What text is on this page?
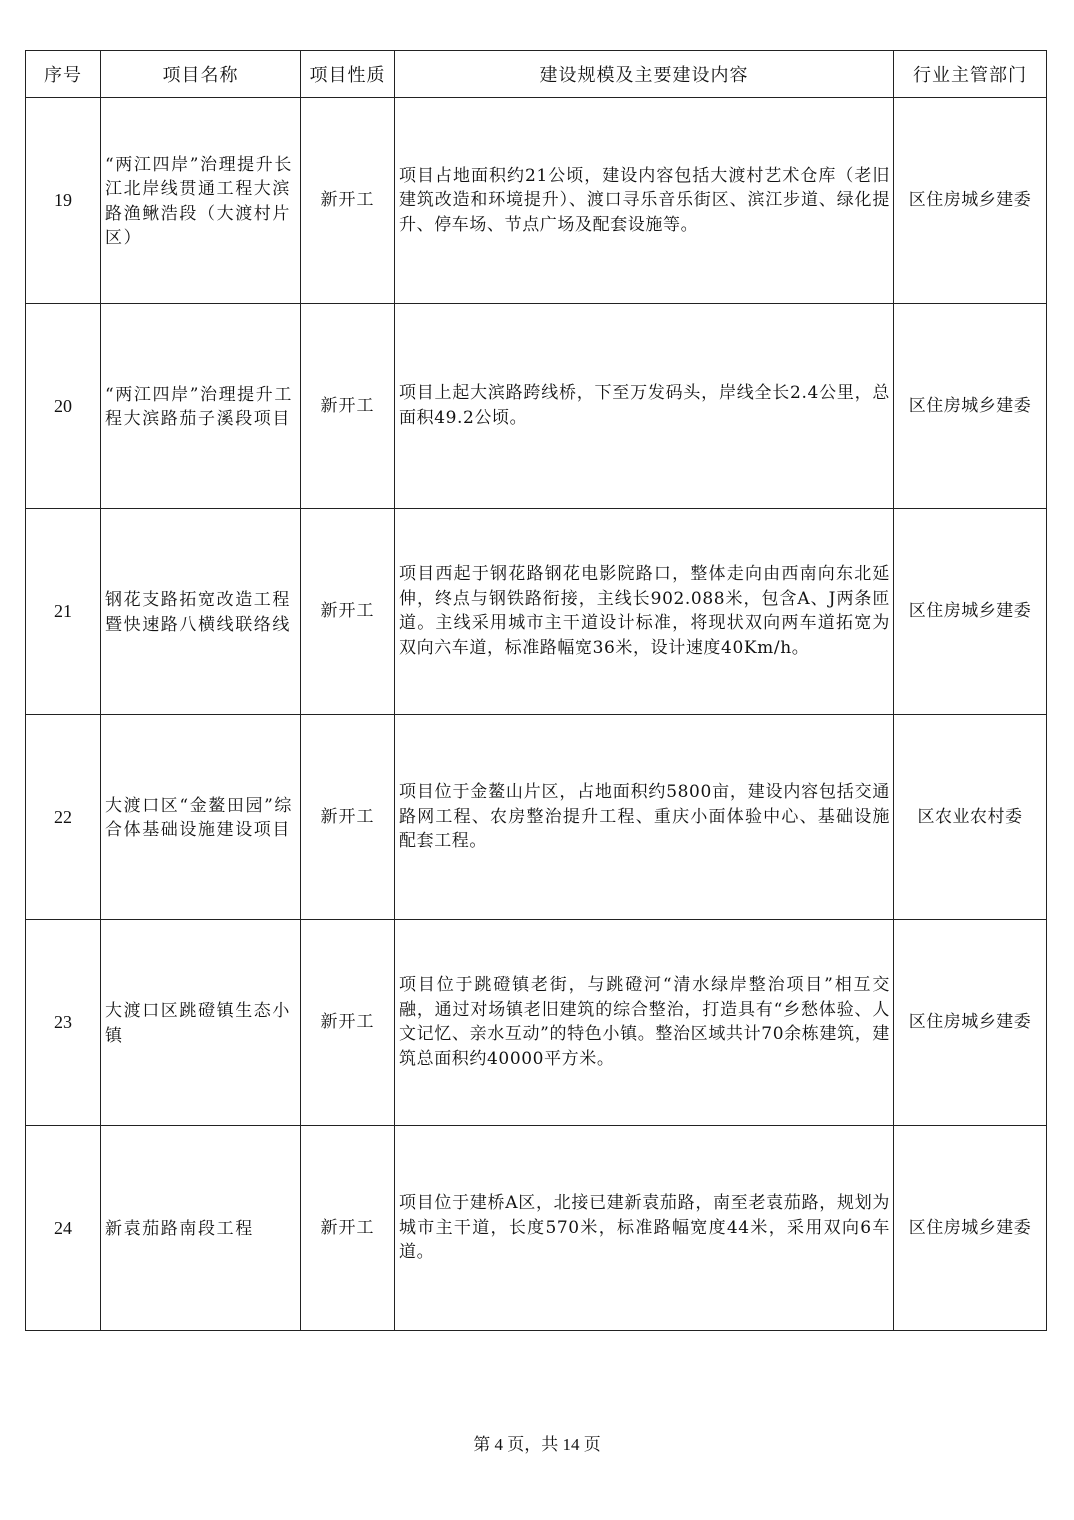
序号	项目名称	项目性质	建设规模及主要建设内容	行业主管部门
19	“两江四岸”治理提升长江北岸线贯通工程大滨路渔鳅浩段（大渡村片区）	新开工	项目占地面积约21公顷，建设内容包括大渡村艺术仓库（老旧建筑改造和环境提升）、渡口寻乐音乐街区、滨江步道、绿化提升、停车场、节点广场及配套设施等。	区住房城乡建委
20	“两江四岸”治理提升工程大滨路茄子溪段项目	新开工	项目上起大滨路跨线桥，下至万发码头，岸线全长2.4公里，总面积49.2公顷。	区住房城乡建委
21	钢花支路拓宽改造工程暨快速路八横线联络线	新开工	项目西起于钢花路钢花电影院路口，整体走向由西南向东北延伸，终点与钢铁路衔接，主线长902.088米，包含A、J两条匝道。主线采用城市主干道设计标准，将现状双向两车道拓宽为双向六车道，标准路幅宽36米，设计速度40Km/h。	区住房城乡建委
22	大渡口区“金鳌田园”综合体基础设施建设项目	新开工	项目位于金鳌山片区，占地面积约5800亩，建设内容包括交通路网工程、农房整治提升工程、重庆小面体验中心、基础设施配套工程。	区农业农村委
23	大渡口区跳磴镇生态小镇	新开工	项目位于跳磴镇老街，与跳磴河“清水绿岸整治项目”相互交融，通过对场镇老旧建筑的综合整治，打造具有“乡愁体验、人文记忆、亲水互动”的特色小镇。整治区域共计70余栋建筑，建筑总面积约40000平方米。	区住房城乡建委
24	新袁茄路南段工程	新开工	项目位于建桥A区，北接已建新袁茄路，南至老袁茄路，规划为城市主干道，长度570米，标准路幅宽度44米，采用双向6车道。	区住房城乡建委
第 4 页，共 14 页
